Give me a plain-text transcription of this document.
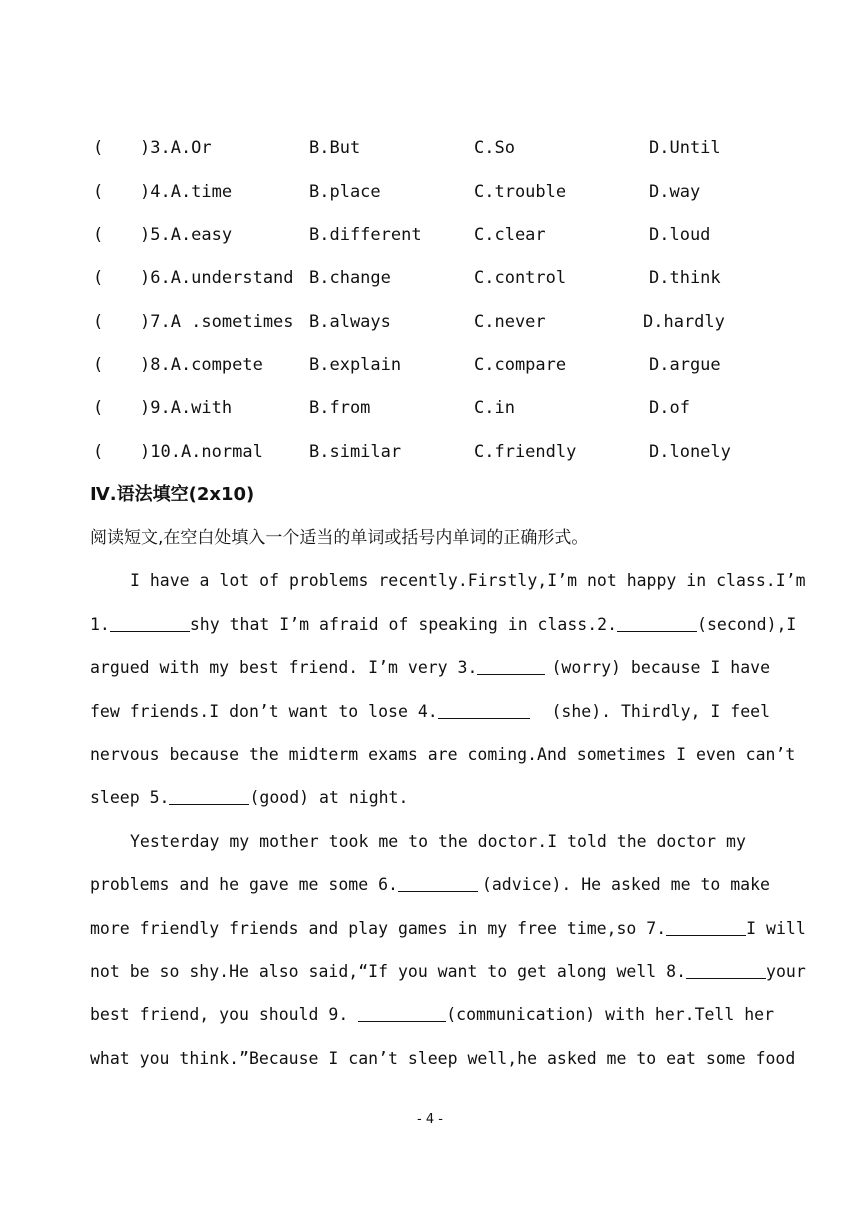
( )3.A.Or	B.But	C.So	D.Until
( )4.A.time	B.place	C.trouble	D.way
( )5.A.easy	B.different	C.clear	D.loud
( )6.A.understand B.change	C.control	D.think
( )7.A .sometimes B.always	C.never	D.hardly
( )8.A.compete	B.explain	C.compare	D.argue
( )9.A.with	B.from	C.in	D.of
( )10.A.normal	B.similar	C.friendly	D.lonely
Ⅳ.语法填空(2x10)
阅读短文,在空白处填入一个适当的单词或括号内单词的正确形式。
I have a lot of problems recently.Firstly,I’m not happy in class.I’m
1.	shy that I’m afraid of speaking in class.2.	(second),I
argued with my best friend. I’m very 3.	(worry) because I have
few friends.I don’t want to lose 4.	(she). Thirdly, I feel
nervous because the midterm exams are coming.And sometimes I even can’t
sleep 5.	(good) at night.
Yesterday my mother took me to the doctor.I told the doctor my
problems and he gave me some 6.	(advice). He asked me to make
more friendly friends and play games in my free time,so 7.	I will
not be so shy.He also said,“If you want to get along well 8.	your
best friend, you should 9.	(communication) with her.Tell her
what you think.”Because I can’t sleep well,he asked me to eat some food
- 4 -
